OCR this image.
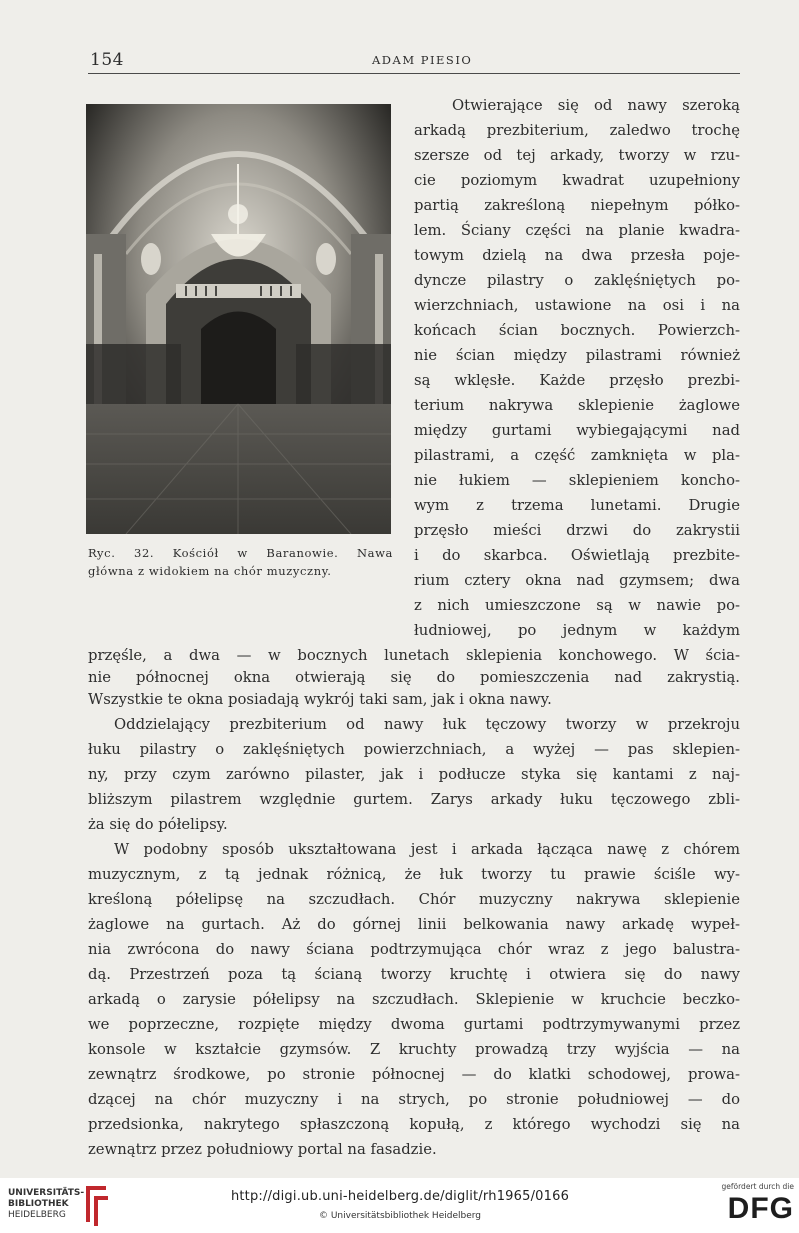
154	ADAM PIESIO
Ryc. 32. Kościół w Baranowie. Nawa
główna z widokiem na chór muzyczny.
Otwierające się od nawy szeroką
arkadą prezbiterium, zaledwo trochę
szersze od tej arkady, tworzy w rzu-
cie poziomym kwadrat uzupełniony
partią zakreśloną niepełnym półko-
lem. Ściany części na planie kwadra-
towym dzielą na dwa przesła poje-
dyncze pilastry o zaklęśniętych po-
wierzchniach, ustawione na osi i na
końcach ścian bocznych. Powierzch-
nie ścian między pilastrami również
są wklęsłe. Każde przęsło prezbi-
terium nakrywa sklepienie żaglowe
między gurtami wybiegającymi nad
pilastrami, a część zamknięta w pla-
nie łukiem — sklepieniem koncho-
wym z trzema lunetami. Drugie
przęsło mieści drzwi do zakrystii
i do skarbca. Oświetlają prezbite-
rium cztery okna nad gzymsem; dwa
z nich umieszczone są w nawie po-
łudniowej, po jednym w każdym
przęśle, a dwa — w bocznych lunetach sklepienia konchowego. W ścia-
nie północnej okna otwierają się do pomieszczenia nad zakrystią.
Wszystkie te okna posiadają wykrój taki sam, jak i okna nawy.
Oddzielający prezbiterium od nawy łuk tęczowy tworzy w przekroju
łuku pilastry o zaklęśniętych powierzchniach, a wyżej — pas sklepien-
ny, przy czym zarówno pilaster, jak i podłucze styka się kantami z naj-
bliższym pilastrem względnie gurtem. Zarys arkady łuku tęczowego zbli-
ża się do półelipsy.
W podobny sposób ukształtowana jest i arkada łącząca nawę z chórem
muzycznym, z tą jednak różnicą, że łuk tworzy tu prawie ściśle wy-
kreśloną półelipsę na szczudłach. Chór muzyczny nakrywa sklepienie
żaglowe na gurtach. Aż do górnej linii belkowania nawy arkadę wypeł-
nia zwrócona do nawy ściana podtrzymująca chór wraz z jego balustra-
dą. Przestrzeń poza tą ścianą tworzy kruchtę i otwiera się do nawy
arkadą o zarysie półelipsy na szczudłach. Sklepienie w kruchcie beczko-
we poprzeczne, rozpięte między dwoma gurtami podtrzymywanymi przez
konsole w kształcie gzymsów. Z kruchty prowadzą trzy wyjścia — na
zewnątrz środkowe, po stronie północnej — do klatki schodowej, prowa-
dzącej na chór muzyczny i na strych, po stronie południowej — do
przedsionka, nakrytego spłaszczoną kopułą, z którego wychodzi się na
zewnątrz przez południowy portal na fasadzie.
UNIVERSITÄTS-
BIBLIOTHEK
HEIDELBERG
http://digi.ub.uni-heidelberg.de/diglit/rh1965/0166
© Universitätsbibliothek Heidelberg
gefördert durch die
DFG
